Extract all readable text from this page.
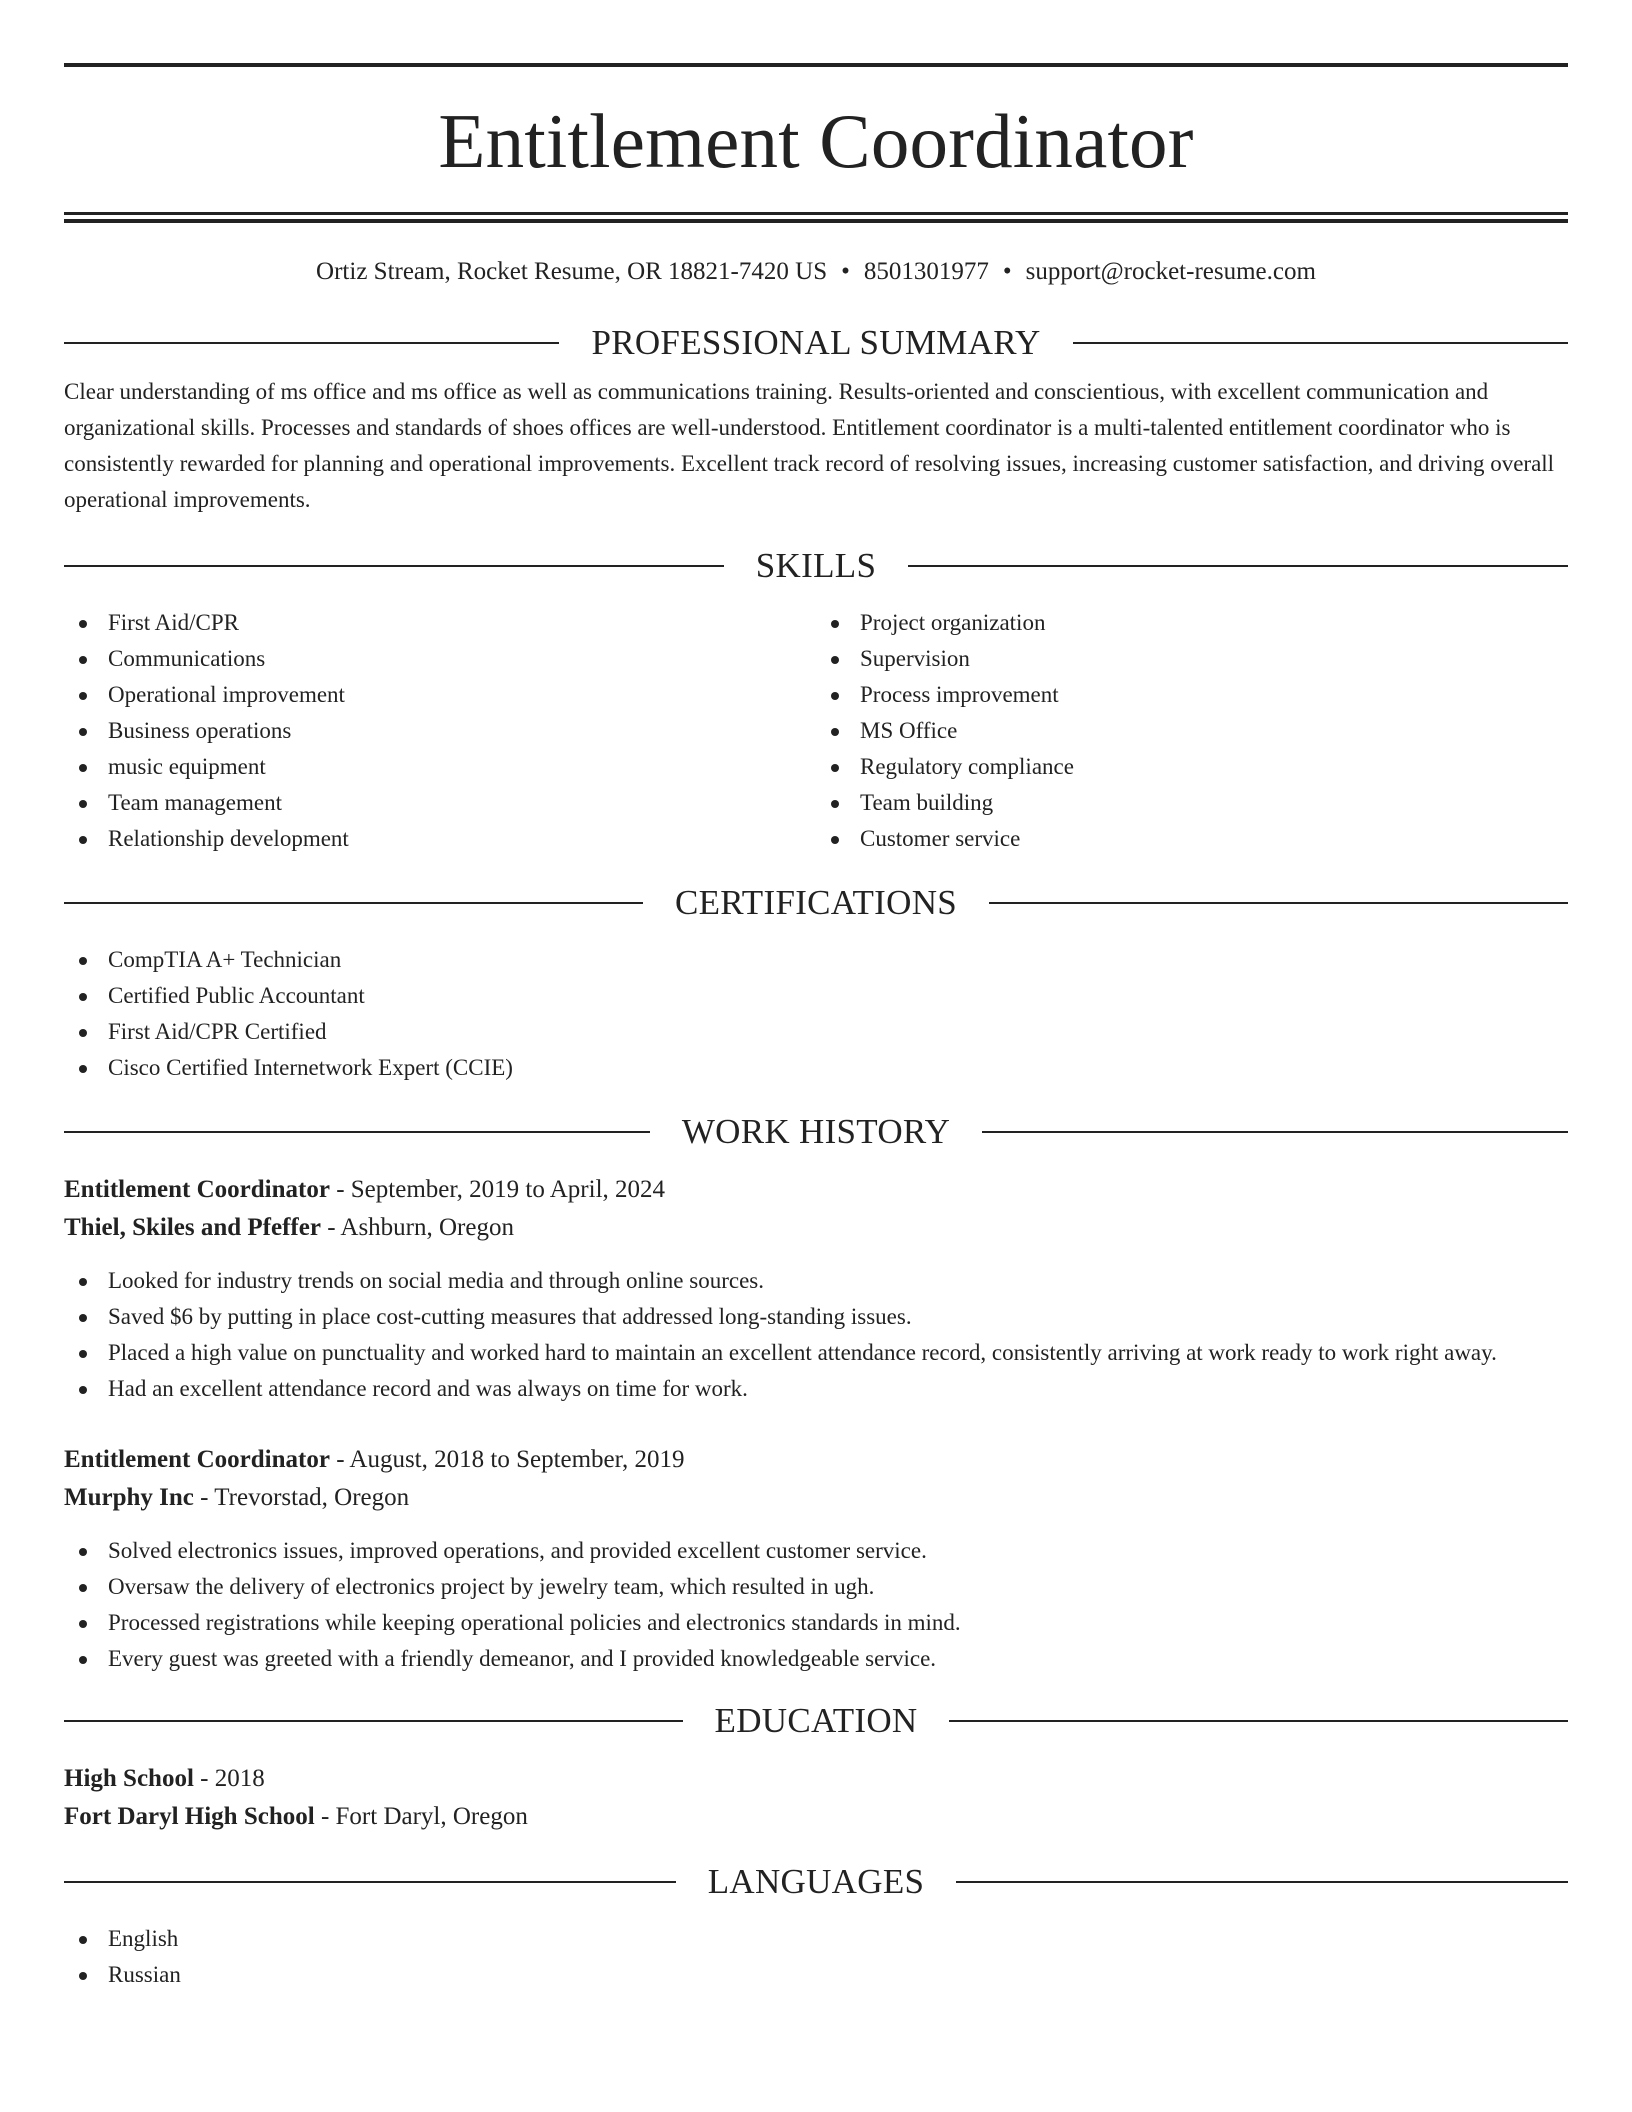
Entitlement Coordinator
Ortiz Stream, Rocket Resume, OR 18821-7420 US • 8501301977 • support@rocket-resume.com
PROFESSIONAL SUMMARY

Clear understanding of ms office and ms office as well as communications training. Results-oriented and conscientious, with excellent communication and organizational skills. Processes and standards of shoes offices are well-understood. Entitlement coordinator is a multi-talented entitlement coordinator who is consistently rewarded for planning and operational improvements. Excellent track record of resolving issues, increasing customer satisfaction, and driving overall operational improvements.

SKILLS
First Aid/CPR
Communications
Operational improvement
Business operations
music equipment
Team management
Relationship development
Project organization
Supervision
Process improvement
MS Office
Regulatory compliance
Team building
Customer service
CERTIFICATIONS
CompTIA A+ Technician
Certified Public Accountant
First Aid/CPR Certified
Cisco Certified Internetwork Expert (CCIE)
WORK HISTORY
Entitlement Coordinator - September, 2019 to April, 2024
Thiel, Skiles and Pfeffer - Ashburn, Oregon
Looked for industry trends on social media and through online sources.
Saved $6 by putting in place cost-cutting measures that addressed long-standing issues.
Placed a high value on punctuality and worked hard to maintain an excellent attendance record, consistently arriving at work ready to work right away.
Had an excellent attendance record and was always on time for work.
Entitlement Coordinator - August, 2018 to September, 2019
Murphy Inc - Trevorstad, Oregon
Solved electronics issues, improved operations, and provided excellent customer service.
Oversaw the delivery of electronics project by jewelry team, which resulted in ugh.
Processed registrations while keeping operational policies and electronics standards in mind.
Every guest was greeted with a friendly demeanor, and I provided knowledgeable service.
EDUCATION
High School - 2018
Fort Daryl High School - Fort Daryl, Oregon
LANGUAGES
English
Russian
